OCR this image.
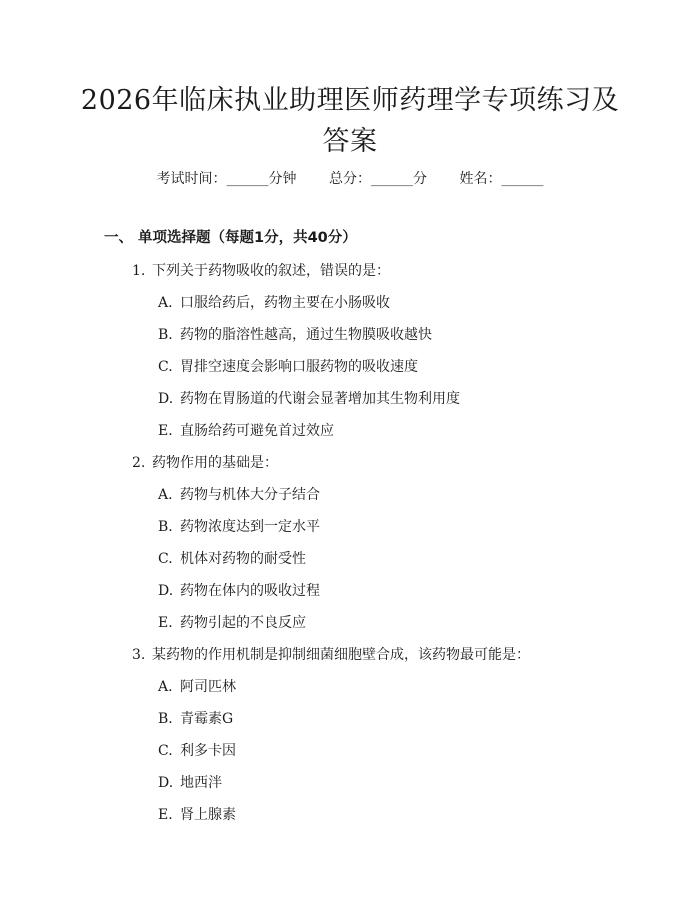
2026年临床执业助理医师药理学专项练习及
答案
考试时间：______分钟 总分：______分 姓名：______
一、 单项选择题（每题1分，共40分）
1. 下列关于药物吸收的叙述，错误的是：
A. 口服给药后，药物主要在小肠吸收
B. 药物的脂溶性越高，通过生物膜吸收越快
C. 胃排空速度会影响口服药物的吸收速度
D. 药物在胃肠道的代谢会显著增加其生物利用度
E. 直肠给药可避免首过效应
2. 药物作用的基础是：
A. 药物与机体大分子结合
B. 药物浓度达到一定水平
C. 机体对药物的耐受性
D. 药物在体内的吸收过程
E. 药物引起的不良反应
3. 某药物的作用机制是抑制细菌细胞壁合成，该药物最可能是：
A. 阿司匹林
B. 青霉素G
C. 利多卡因
D. 地西泮
E. 肾上腺素
